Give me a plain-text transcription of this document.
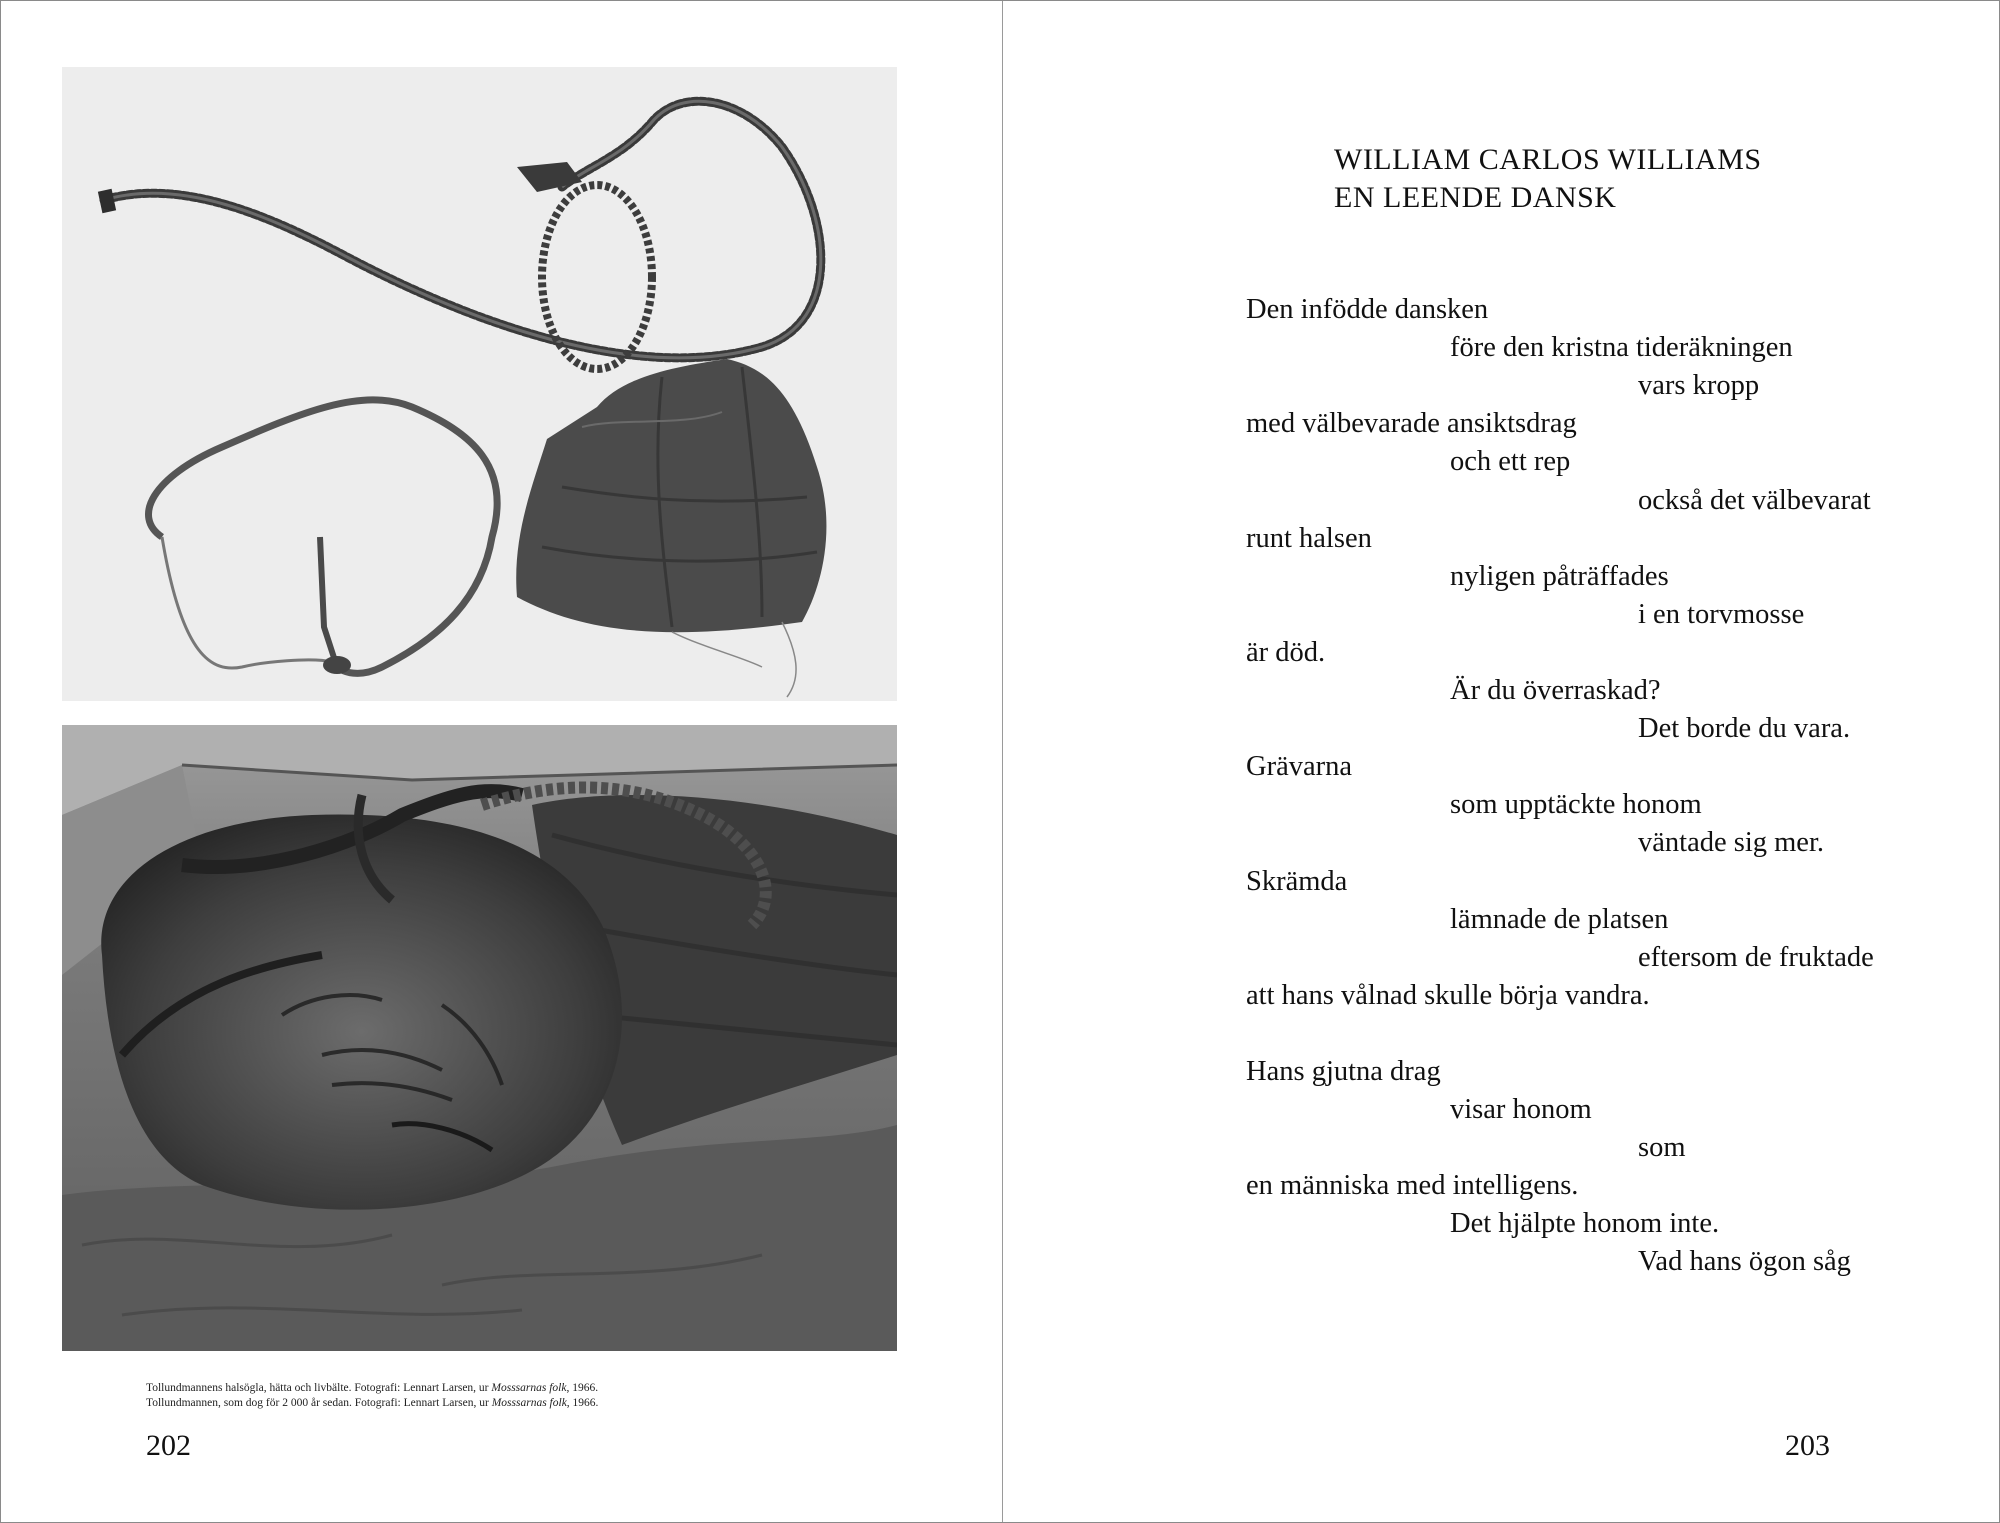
Tollundmannens halsögla, hätta och livbälte. Fotografi: Lennart Larsen, ur Mosssarnas folk, 1966.
Tollundmannen, som dog för 2 000 år sedan. Fotografi: Lennart Larsen, ur Mosssarnas folk, 1966.
202
WILLIAM CARLOS WILLIAMS
EN LEENDE DANSK
Den infödde dansken
före den kristna tideräkningen
vars kropp
med välbevarade ansiktsdrag
och ett rep
också det välbevarat
runt halsen
nyligen påträffades
i en torvmosse
är död.
Är du överraskad?
Det borde du vara.
Grävarna
som upptäckte honom
väntade sig mer.
Skrämda
lämnade de platsen
eftersom de fruktade
att hans vålnad skulle börja vandra.
Hans gjutna drag
visar honom
som
en människa med intelligens.
Det hjälpte honom inte.
Vad hans ögon såg
203
